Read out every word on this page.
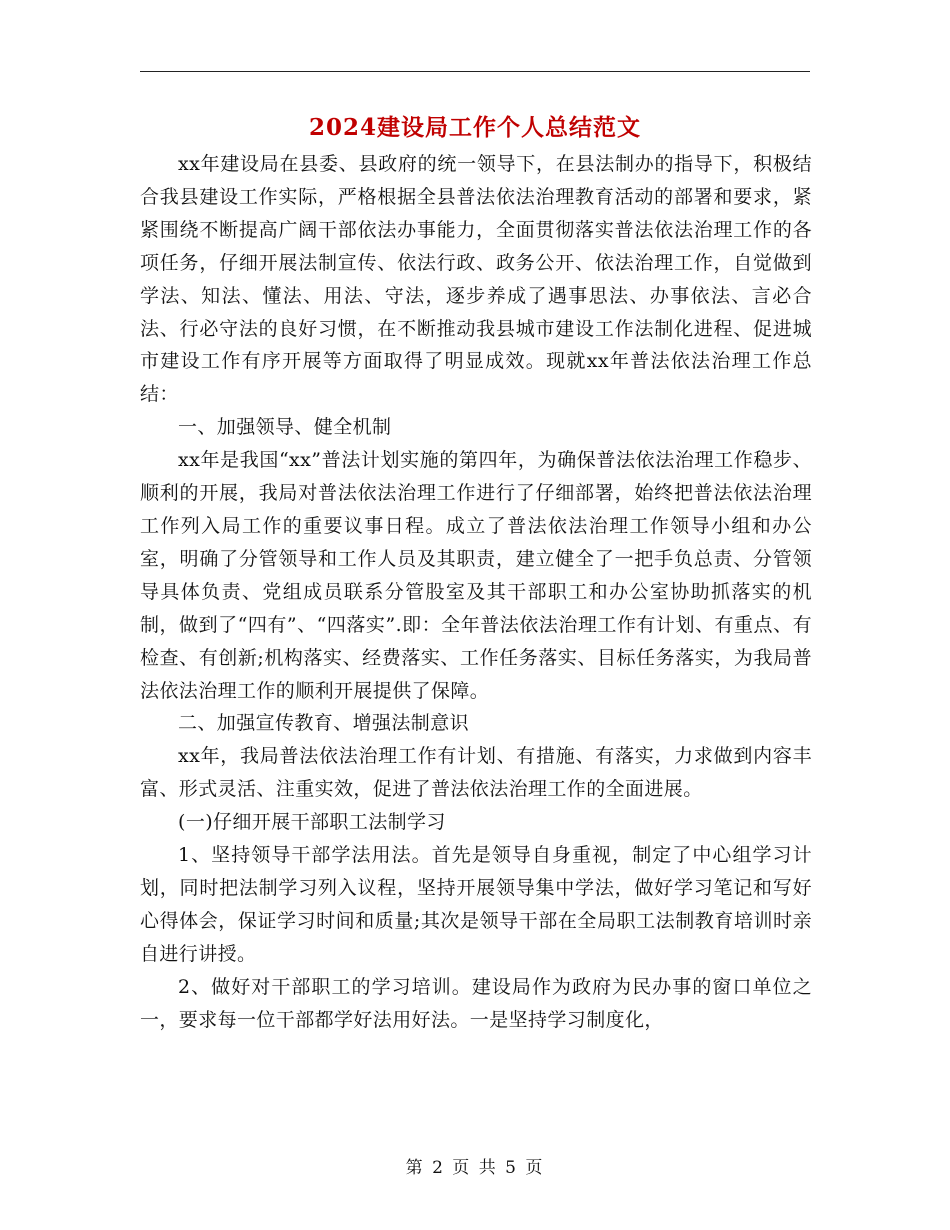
2024建设局工作个人总结范文

xx年建设局在县委、县政府的统一领导下，在县法制办的指导下，积极结合我县建设工作实际，严格根据全县普法依法治理教育活动的部署和要求，紧紧围绕不断提高广阔干部依法办事能力，全面贯彻落实普法依法治理工作的各项任务，仔细开展法制宣传、依法行政、政务公开、依法治理工作，自觉做到学法、知法、懂法、用法、守法，逐步养成了遇事思法、办事依法、言必合法、行必守法的良好习惯，在不断推动我县城市建设工作法制化进程、促进城市建设工作有序开展等方面取得了明显成效。现就xx年普法依法治理工作总结：

一、加强领导、健全机制

xx年是我国“xx”普法计划实施的第四年，为确保普法依法治理工作稳步、顺利的开展，我局对普法依法治理工作进行了仔细部署，始终把普法依法治理工作列入局工作的重要议事日程。成立了普法依法治理工作领导小组和办公室，明确了分管领导和工作人员及其职责，建立健全了一把手负总责、分管领导具体负责、党组成员联系分管股室及其干部职工和办公室协助抓落实的机制，做到了“四有”、“四落实”.即：全年普法依法治理工作有计划、有重点、有检查、有创新;机构落实、经费落实、工作任务落实、目标任务落实，为我局普法依法治理工作的顺利开展提供了保障。

二、加强宣传教育、增强法制意识

xx年，我局普法依法治理工作有计划、有措施、有落实，力求做到内容丰富、形式灵活、注重实效，促进了普法依法治理工作的全面进展。

(一)仔细开展干部职工法制学习

1、坚持领导干部学法用法。首先是领导自身重视，制定了中心组学习计划，同时把法制学习列入议程，坚持开展领导集中学法，做好学习笔记和写好心得体会，保证学习时间和质量;其次是领导干部在全局职工法制教育培训时亲自进行讲授。

2、做好对干部职工的学习培训。建设局作为政府为民办事的窗口单位之一，要求每一位干部都学好法用好法。一是坚持学习制度化，

第 2 页 共 5 页
